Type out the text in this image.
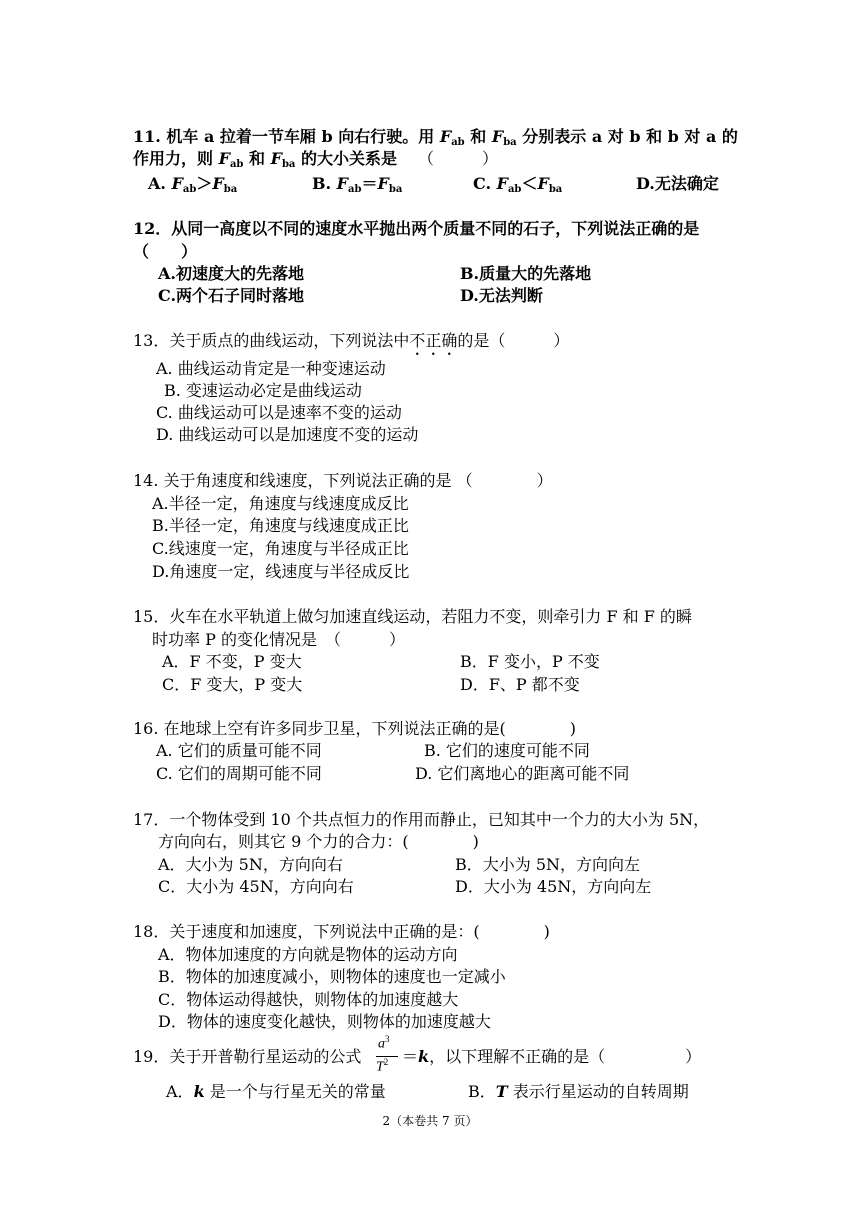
11. 机车 a 拉着一节车厢 b 向右行驶。用 $F_{ab}$ 和 $F_{ba}$ 分别表示 a 对 b 和 b 对 a 的
作用力，则 $F_{ab}$ 和 $F_{ba}$ 的大小关系是 （　　　）
A. $F_{ab}>F_{ba}$	B. $F_{ab}=F_{ba}$	C. $F_{ab}<F_{ba}$	D.无法确定
12．从同一高度以不同的速度水平抛出两个质量不同的石子，下列说法正确的是
（　　）
A.初速度大的先落地	B.质量大的先落地
C.两个石子同时落地	D.无法判断
13．关于质点的曲线运动，下列说法中不正确的是（　　　）
A. 曲线运动肯定是一种变速运动
B. 变速运动必定是曲线运动
C. 曲线运动可以是速率不变的运动
D. 曲线运动可以是加速度不变的运动
14. 关于角速度和线速度，下列说法正确的是 （　　　　）
A.半径一定，角速度与线速度成反比
B.半径一定，角速度与线速度成正比
C.线速度一定，角速度与半径成正比
D.角速度一定，线速度与半径成反比
15．火车在水平轨道上做匀加速直线运动，若阻力不变，则牵引力 F 和 F 的瞬
时功率 P 的变化情况是　（　　　）
A．F 不变，P 变大	B．F 变小，P 不变
C．F 变大，P 变大	D．F、P 都不变
16. 在地球上空有许多同步卫星，下列说法正确的是(　　　　)
A. 它们的质量可能不同	B. 它们的速度可能不同
C. 它们的周期可能不同	D. 它们离地心的距离可能不同
17．一个物体受到 10 个共点恒力的作用而静止，已知其中一个力的大小为 5N，
方向向右，则其它 9 个力的合力：(　　　　)
A．大小为 5N，方向向右	B．大小为 5N，方向向左
C．大小为 45N，方向向右	D．大小为 45N，方向向左
18．关于速度和加速度，下列说法中正确的是：(　　　　)
A．物体加速度的方向就是物体的运动方向
B．物体的加速度减小，则物体的速度也一定减小
C．物体运动得越快，则物体的加速度越大
D．物体的速度变化越快，则物体的加速度越大
19．关于开普勒行星运动的公式
$a^3$
$T^2 =k$，以下理解不正确的是（　　　　　）
A．k 是一个与行星无关的常量	B．T 表示行星运动的自转周期
2（本卷共 7 页）
